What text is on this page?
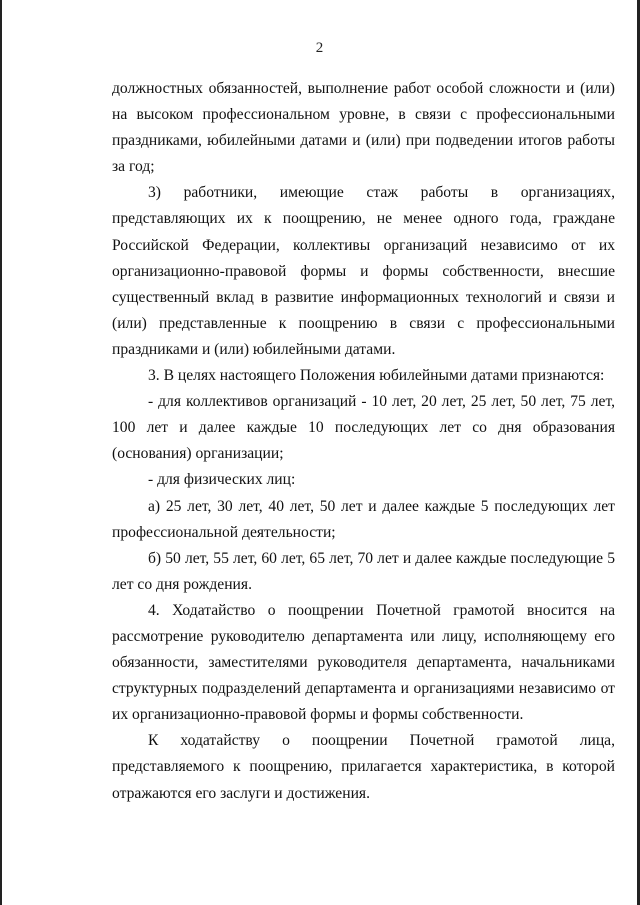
2

должностных обязанностей, выполнение работ особой сложности и (или) на высоком профессиональном уровне, в связи с профессиональными праздниками, юбилейными датами и (или) при подведении итогов работы за год;

3) работники, имеющие стаж работы в организациях, представляющих их к поощрению, не менее одного года, граждане Российской Федерации, коллективы организаций независимо от их организационно-правовой формы и формы собственности, внесшие существенный вклад в развитие информационных технологий и связи и (или) представленные к поощрению в связи с профессиональными праздниками и (или) юбилейными датами.

3. В целях настоящего Положения юбилейными датами признаются:

- для коллективов организаций - 10 лет, 20 лет, 25 лет, 50 лет, 75 лет, 100 лет и далее каждые 10 последующих лет со дня образования (основания) организации;

- для физических лиц:

а) 25 лет, 30 лет, 40 лет, 50 лет и далее каждые 5 последующих лет профессиональной деятельности;

б) 50 лет, 55 лет, 60 лет, 65 лет, 70 лет и далее каждые последующие 5 лет со дня рождения.

4. Ходатайство о поощрении Почетной грамотой вносится на рассмотрение руководителю департамента или лицу, исполняющему его обязанности, заместителями руководителя департамента, начальниками структурных подразделений департамента и организациями независимо от их организационно-правовой формы и формы собственности.

К ходатайству о поощрении Почетной грамотой лица, представляемого к поощрению, прилагается характеристика, в которой отражаются его заслуги и достижения.
